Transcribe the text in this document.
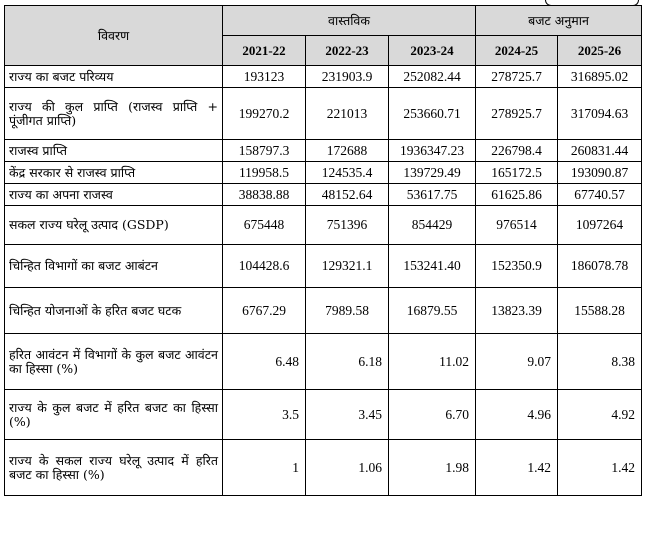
विवरण	वास्तविक			बजट अनुमान	
	2021-22	2022-23	2023-24	2024-25	2025-26
राज्य का बजट परिव्यय	193123	231903.9	252082.44	278725.7	316895.02
राज्य की कुल प्राप्ति (राजस्व प्राप्ति + पूंजीगत प्राप्ति)	199270.2	221013	253660.71	278925.7	317094.63
राजस्व प्राप्ति	158797.3	172688	1936347.23	226798.4	260831.44
केंद्र सरकार से राजस्व प्राप्ति	119958.5	124535.4	139729.49	165172.5	193090.87
राज्य का अपना राजस्व	38838.88	48152.64	53617.75	61625.86	67740.57
सकल राज्य घरेलू उत्पाद (GSDP)	675448	751396	854429	976514	1097264
चिन्हित विभागों का बजट आबंटन	104428.6	129321.1	153241.40	152350.9	186078.78
चिन्हित योजनाओं के हरित बजट घटक	6767.29	7989.58	16879.55	13823.39	15588.28
हरित आवंटन में विभागों के कुल बजट आवंटन का हिस्सा (%)	6.48	6.18	11.02	9.07	8.38
राज्य के कुल बजट में हरित बजट का हिस्सा (%)	3.5	3.45	6.70	4.96	4.92
राज्य के सकल राज्य घरेलू उत्पाद में हरित बजट का हिस्सा (%)	1	1.06	1.98	1.42	1.42
